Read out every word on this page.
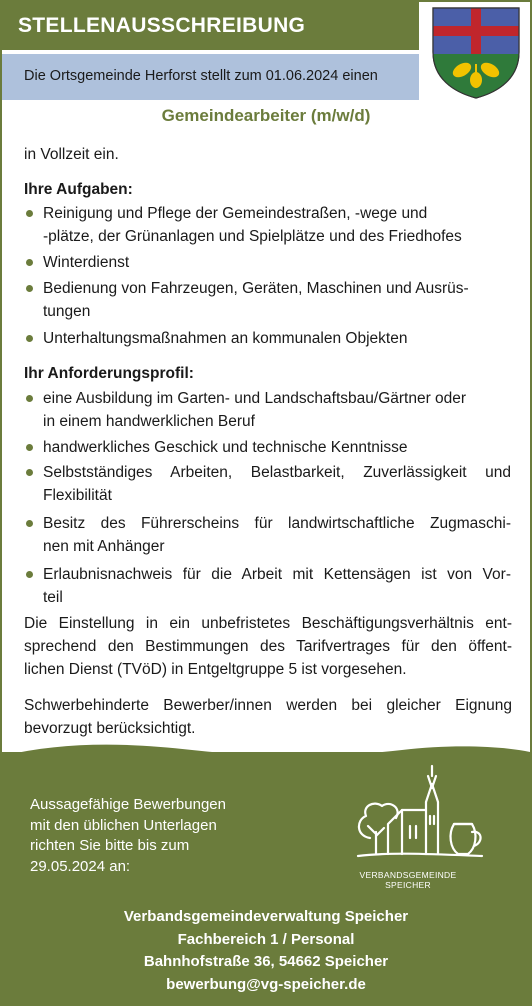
STELLENAUSSCHREIBUNG
Die Ortsgemeinde Herforst stellt zum 01.06.2024 einen
Gemeindearbeiter (m/w/d)
in Vollzeit ein.
Ihre Aufgaben:
Reinigung und Pflege der Gemeindestraßen, -wege und
-plätze, der Grünanlagen und Spielplätze und des Friedhofes
Winterdienst
Bedienung von Fahrzeugen, Geräten, Maschinen und Ausrüs-
tungen
Unterhaltungsmaßnahmen an kommunalen Objekten
Ihr Anforderungsprofil:
eine Ausbildung im Garten- und Landschaftsbau/Gärtner oder
in einem handwerklichen Beruf
handwerkliches Geschick und technische Kenntnisse
Selbstständiges Arbeiten, Belastbarkeit, Zuverlässigkeit und
Flexibilität
Besitz des Führerscheins für landwirtschaftliche Zugmaschi-
nen mit Anhänger
Erlaubnisnachweis für die Arbeit mit Kettensägen ist von Vor-
teil
Die Einstellung in ein unbefristetes Beschäftigungsverhältnis ent-
sprechend den Bestimmungen des Tarifvertrages für den öffent-
lichen Dienst (TVöD) in Entgeltgruppe 5 ist vorgesehen.
Schwerbehinderte Bewerber/innen werden bei gleicher Eignung
bevorzugt berücksichtigt.
Aussagefähige Bewerbungen
mit den üblichen Unterlagen
richten Sie bitte bis zum
29.05.2024 an:
VERBANDSGEMEINDE
SPEICHER
Verbandsgemeindeverwaltung Speicher
Fachbereich 1 / Personal
Bahnhofstraße 36, 54662 Speicher
bewerbung@vg-speicher.de
